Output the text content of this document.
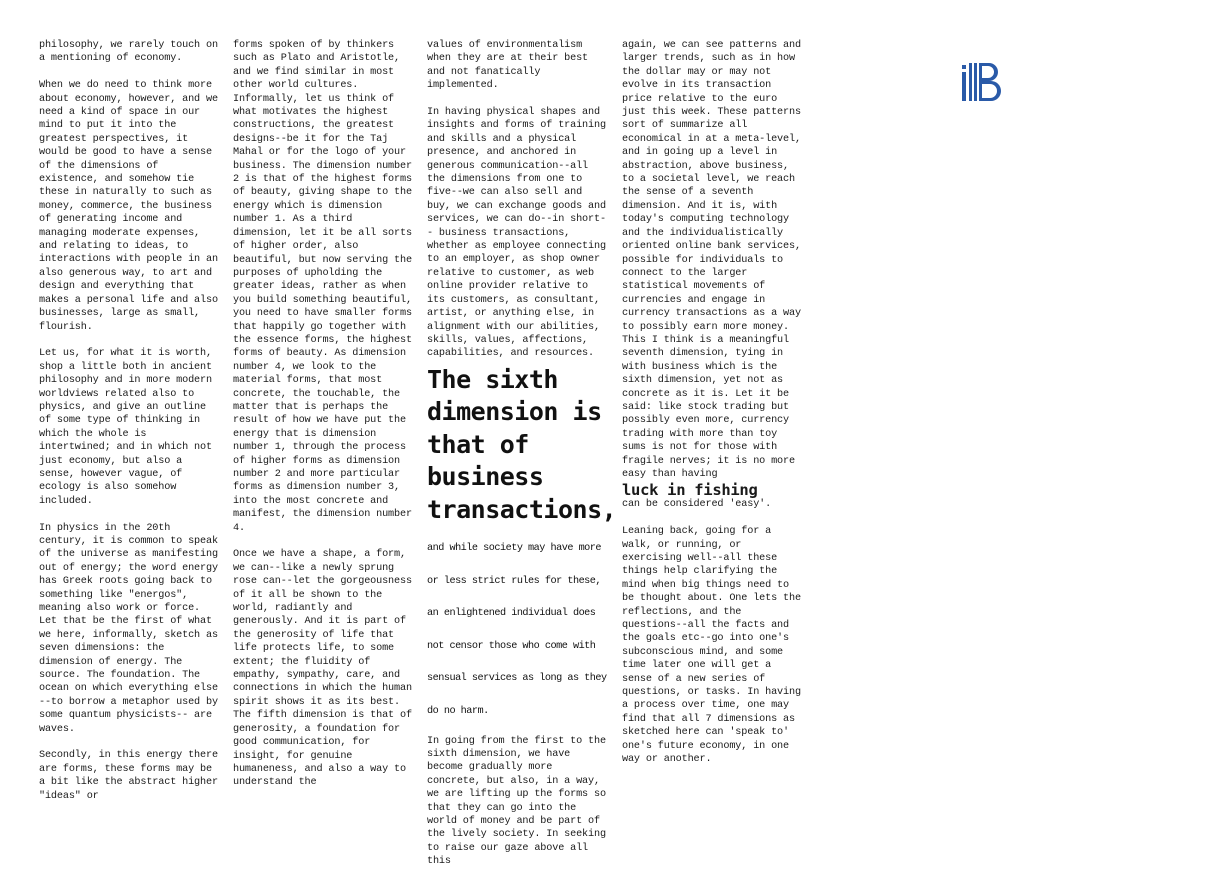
philosophy, we rarely touch on a mentioning of economy.

When we do need to think more about economy, however, and we need a kind of space in our mind to put it into the greatest perspectives, it would be good to have a sense of the dimensions of existence, and somehow tie these in naturally to such as money, commerce, the business of generating income and managing moderate expenses, and relating to ideas, to interactions with people in an also generous way, to art and design and everything that makes a personal life and also businesses, large as small, flourish.

Let us, for what it is worth, shop a little both in ancient philosophy and in more modern worldviews related also to physics, and give an outline of some type of thinking in which the whole is intertwined; and in which not just economy, but also a sense, however vague, of ecology is also somehow included.

In physics in the 20th century, it is common to speak of the universe as manifesting out of energy; the word energy has Greek roots going back to something like "energos", meaning also work or force. Let that be the first of what we here, informally, sketch as seven dimensions: the dimension of energy. The source. The foundation. The ocean on which everything else --to borrow a metaphor used by some quantum physicists-- are waves.

Secondly, in this energy there are forms, these forms may be a bit like the abstract higher "ideas" or

forms spoken of by thinkers such as Plato and Aristotle, and we find similar in most other world cultures. Informally, let us think of what motivates the highest constructions, the greatest designs--be it for the Taj Mahal or for the logo of your business. The dimension number 2 is that of the highest forms of beauty, giving shape to the energy which is dimension number 1. As a third dimension, let it be all sorts of higher order, also beautiful, but now serving the purposes of upholding the greater ideas, rather as when you build something beautiful, you need to have smaller forms that happily go together with the essence forms, the highest forms of beauty. As dimension number 4, we look to the material forms, that most concrete, the touchable, the matter that is perhaps the result of how we have put the energy that is dimension number 1, through the process of higher forms as dimension number 2 and more particular forms as dimension number 3, into the most concrete and manifest, the dimension number 4.

Once we have a shape, a form, we can--like a newly sprung rose can--let the gorgeousness of it all be shown to the world, radiantly and generously. And it is part of the generosity of life that life protects life, to some extent; the fluidity of empathy, sympathy, care, and connections in which the human spirit shows it as its best. The fifth dimension is that of generosity, a foundation for good communication, for insight, for genuine humaneness, and also a way to understand the

values of environmentalism when they are at their best and not fanatically implemented.

In having physical shapes and insights and forms of training and skills and a physical presence, and anchored in generous communication--all the dimensions from one to five--we can also sell and buy, we can exchange goods and services, we can do--in short-- business transactions, whether as employee connecting to an employer, as shop owner relative to customer, as web online provider relative to its customers, as consultant, artist, or anything else, in alignment with our abilities, skills, values, affections, capabilities, and resources.

The sixth dimension is that of business transactions, and while society may have more or less strict rules for these, an enlightened individual does not censor those who come with sensual services as long as they do no harm.

In going from the first to the sixth dimension, we have become gradually more concrete, but also, in a way, we are lifting up the forms so that they can go into the world of money and be part of the lively society. In seeking to raise our gaze above all this

again, we can see patterns and larger trends, such as in how the dollar may or may not evolve in its transaction price relative to the euro just this week. These patterns sort of summarize all economical in at a meta-level, and in going up a level in abstraction, above business, to a societal level, we reach the sense of a seventh dimension. And it is, with today's computing technology and the individualistically oriented online bank services, possible for individuals to connect to the larger statistical movements of currencies and engage in currency transactions as a way to possibly earn more money. This I think is a meaningful seventh dimension, tying in with business which is the sixth dimension, yet not as concrete as it is. Let it be said: like stock trading but possibly even more, currency trading with more than toy sums is not for those with fragile nerves; it is no more easy than having

luck in fishing

can be considered 'easy'.

Leaning back, going for a walk, or running, or exercising well--all these things help clarifying the mind when big things need to be thought about. One lets the reflections, and the questions--all the facts and the goals etc--go into one's subconscious mind, and some time later one will get a sense of a new series of questions, or tasks. In having a process over time, one may find that all 7 dimensions as sketched here can 'speak to' one's future economy, in one way or another.

iB
